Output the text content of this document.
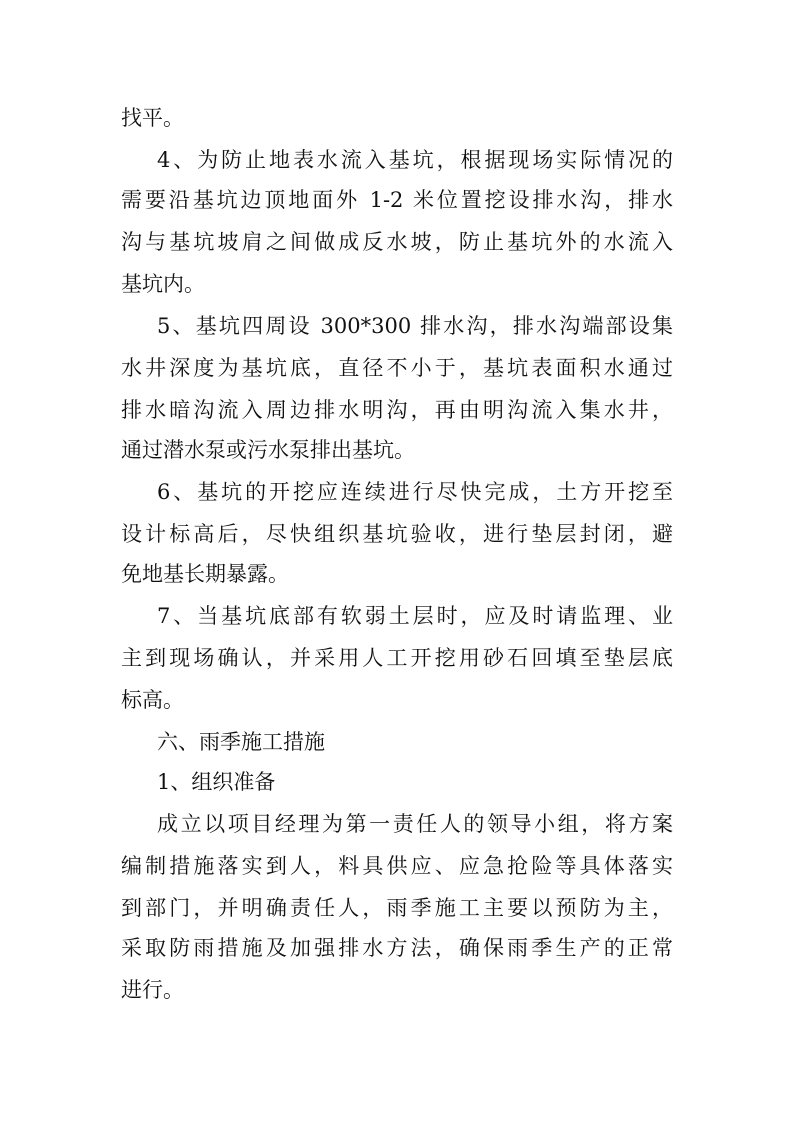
找平。
4、为防止地表水流入基坑，根据现场实际情况的
需要沿基坑边顶地面外 1-2 米位置挖设排水沟，排水
沟与基坑坡肩之间做成反水坡，防止基坑外的水流入
基坑内。
5、基坑四周设 300*300 排水沟，排水沟端部设集
水井深度为基坑底，直径不小于，基坑表面积水通过
排水暗沟流入周边排水明沟，再由明沟流入集水井，
通过潜水泵或污水泵排出基坑。
6、基坑的开挖应连续进行尽快完成，土方开挖至
设计标高后，尽快组织基坑验收，进行垫层封闭，避
免地基长期暴露。
7、当基坑底部有软弱土层时，应及时请监理、业
主到现场确认，并采用人工开挖用砂石回填至垫层底
标高。
六、雨季施工措施
1、组织准备
成立以项目经理为第一责任人的领导小组，将方案
编制措施落实到人，料具供应、应急抢险等具体落实
到部门，并明确责任人，雨季施工主要以预防为主，
采取防雨措施及加强排水方法，确保雨季生产的正常
进行。
